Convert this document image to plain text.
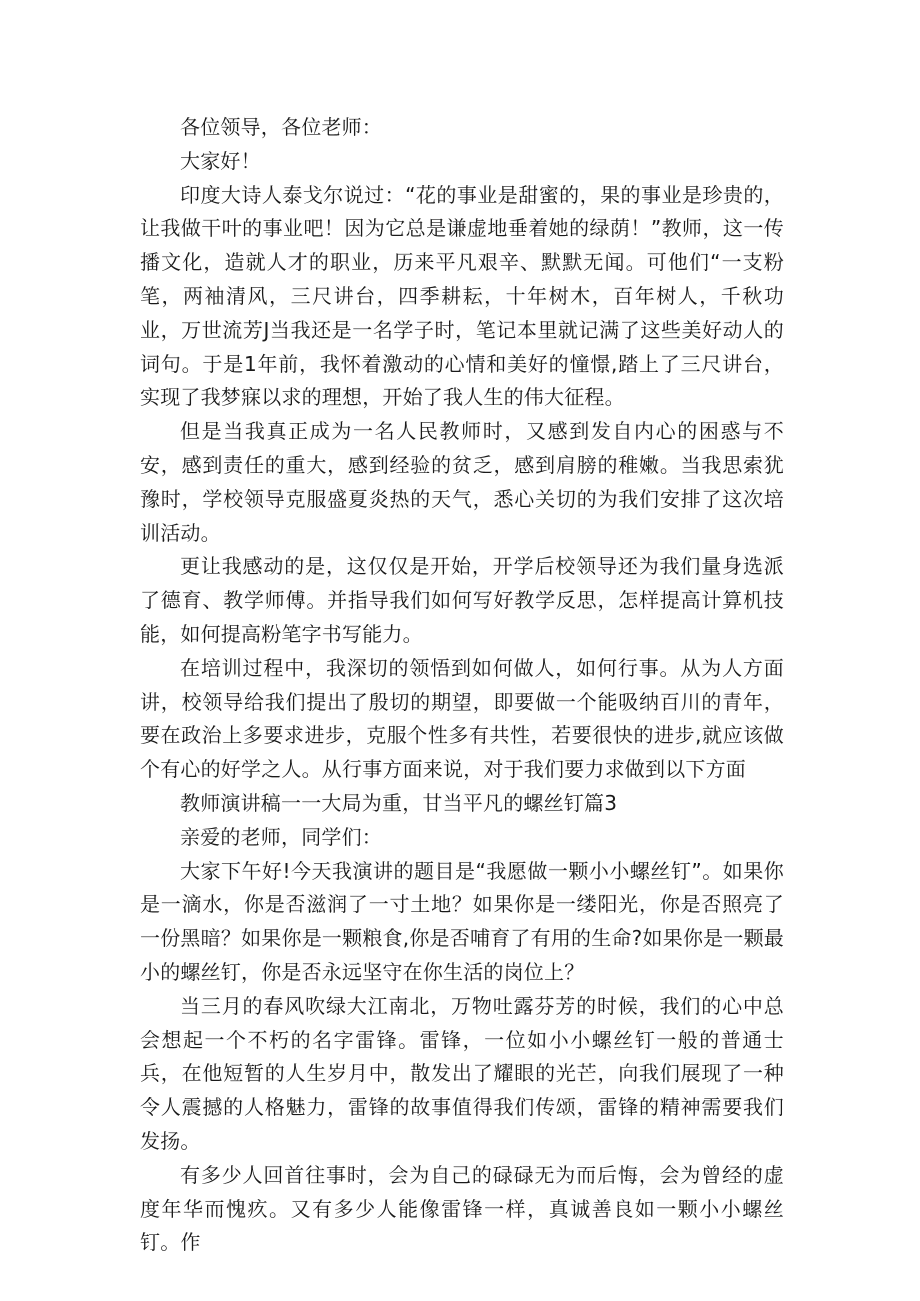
各位领导，各位老师：

大家好！

印度大诗人泰戈尔说过：“花的事业是甜蜜的，果的事业是珍贵的，让我做干叶的事业吧！因为它总是谦虚地垂着她的绿荫！”教师，这一传播文化，造就人才的职业，历来平凡艰辛、默默无闻。可他们“一支粉笔，两袖清风，三尺讲台，四季耕耘，十年树木，百年树人，千秋功业，万世流芳J当我还是一名学子时，笔记本里就记满了这些美好动人的词句。于是1年前，我怀着激动的心情和美好的憧憬,踏上了三尺讲台，实现了我梦寐以求的理想，开始了我人生的伟大征程。

但是当我真正成为一名人民教师时，又感到发自内心的困惑与不安，感到责任的重大，感到经验的贫乏，感到肩膀的稚嫩。当我思索犹豫时，学校领导克服盛夏炎热的天气，悉心关切的为我们安排了这次培训活动。

更让我感动的是，这仅仅是开始，开学后校领导还为我们量身选派了德育、教学师傅。并指导我们如何写好教学反思，怎样提高计算机技能，如何提高粉笔字书写能力。

在培训过程中，我深切的领悟到如何做人，如何行事。从为人方面讲，校领导给我们提出了殷切的期望，即要做一个能吸纳百川的青年，要在政治上多要求进步，克服个性多有共性，若要很快的进步,就应该做个有心的好学之人。从行事方面来说，对于我们要力求做到以下方面

教师演讲稿一一大局为重，甘当平凡的螺丝钉篇3

亲爱的老师，同学们：

大家下午好!今天我演讲的题目是“我愿做一颗小小螺丝钉”。如果你是一滴水，你是否滋润了一寸土地？如果你是一缕阳光，你是否照亮了一份黑暗？如果你是一颗粮食,你是否哺育了有用的生命?如果你是一颗最小的螺丝钉，你是否永远坚守在你生活的岗位上？

当三月的春风吹绿大江南北，万物吐露芬芳的时候，我们的心中总会想起一个不朽的名字雷锋。雷锋，一位如小小螺丝钉一般的普通士兵，在他短暂的人生岁月中，散发出了耀眼的光芒，向我们展现了一种令人震撼的人格魅力，雷锋的故事值得我们传颂，雷锋的精神需要我们发扬。

有多少人回首往事时，会为自己的碌碌无为而后悔，会为曾经的虚度年华而愧疚。又有多少人能像雷锋一样，真诚善良如一颗小小螺丝钉。作
